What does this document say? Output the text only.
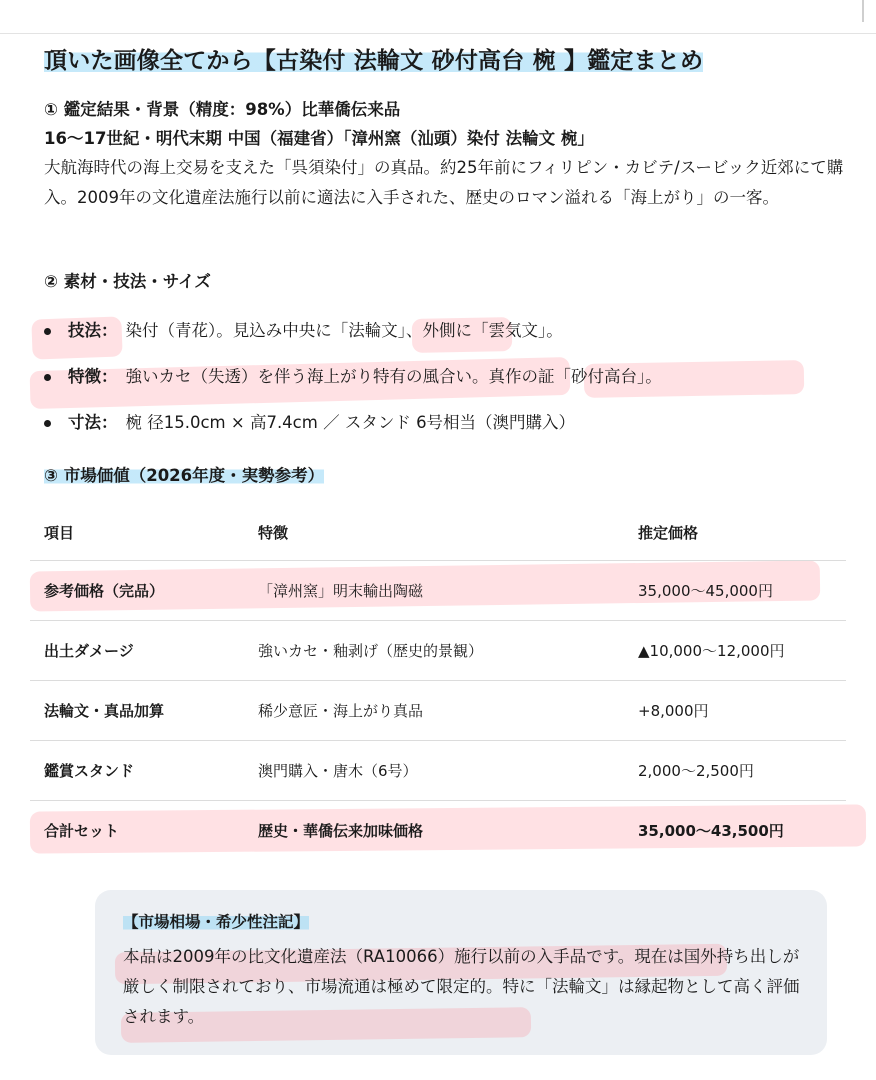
頂いた画像全てから【古染付 法輪文 砂付高台 椀 】鑑定まとめ
① 鑑定結果・背景（精度：98%）比華僑伝来品
16〜17世紀・明代末期 中国（福建省）「漳州窯（汕頭）染付 法輪文 椀」

大航海時代の海上交易を支えた「呉須染付」の真品。約25年前にフィリピン・カビテ/スービック近郊にて購入。2009年の文化遺産法施行以前に適法に入手された、歴史のロマン溢れる「海上がり」の一客。

② 素材・技法・サイズ
技法： 染付（青花）。見込み中央に「法輪文」、外側に「雲気文」。
特徴： 強いカセ（失透）を伴う海上がり特有の風合い。真作の証「砂付高台」。
寸法： 椀 径15.0cm × 高7.4cm ／ スタンド 6号相当（澳門購入）
③ 市場価値（2026年度・実勢参考）
項目	特徴	推定価格
参考価格（完品）	「漳州窯」明末輸出陶磁	35,000〜45,000円
出土ダメージ	強いカセ・釉剥げ（歴史的景観）	▲10,000〜12,000円
法輪文・真品加算	稀少意匠・海上がり真品	+8,000円
鑑賞スタンド	澳門購入・唐木（6号）	2,000〜2,500円
合計セット	歴史・華僑伝来加味価格	35,000〜43,500円
【市場相場・希少性注記】

本品は2009年の比文化遺産法（RA10066）施行以前の入手品です。現在は国外持ち出しが厳しく制限されており、市場流通は極めて限定的。特に「法輪文」は縁起物として高く評価されます。
